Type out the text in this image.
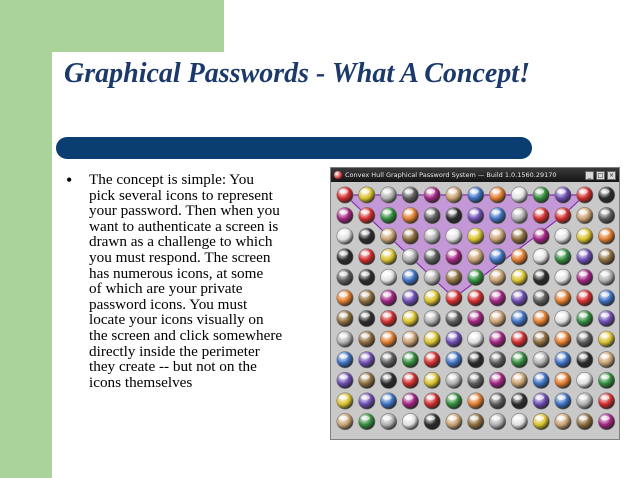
Graphical Passwords - What A Concept!
• The concept is simple: You
pick several icons to represent
your password. Then when you
want to authenticate a screen is
drawn as a challenge to which
you must respond. The screen
has numerous icons, at some
of which are your private
password icons. You must
locate your icons visually on
the screen and click somewhere
directly inside the perimeter
they create -- but not on the
icons themselves

Convex Hull Graphical Password System — Build 1.0.1560.29170	_	□ ×
